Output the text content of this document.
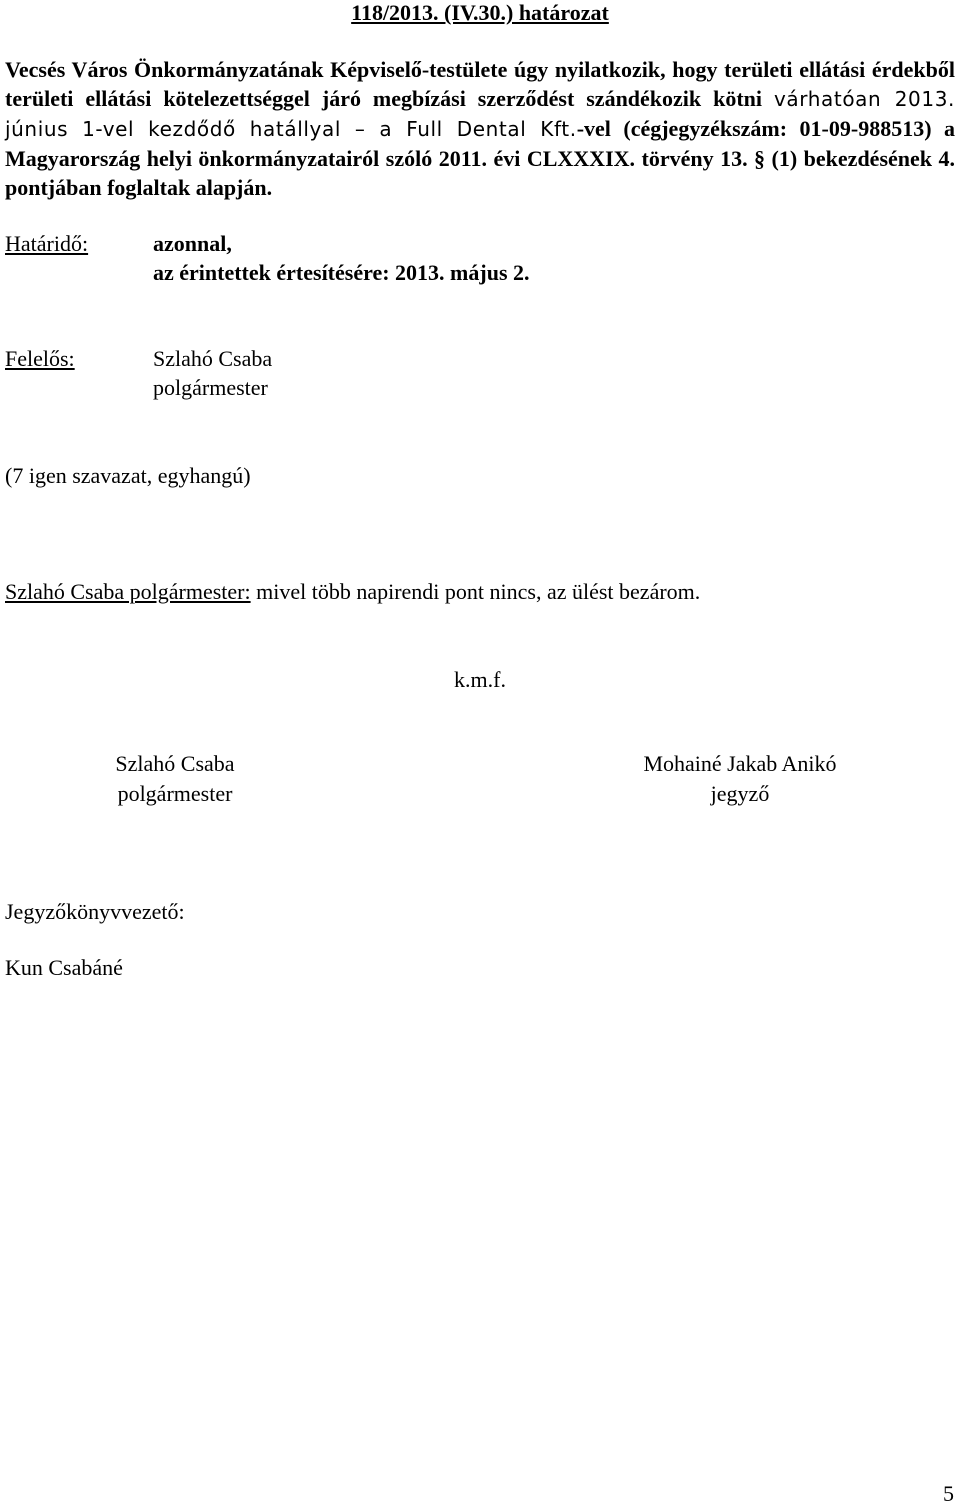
118/2013. (IV.30.) határozat
Vecsés Város Önkormányzatának Képviselő-testülete úgy nyilatkozik, hogy területi ellátási érdekből területi ellátási kötelezettséggel járó megbízási szerződést szándékozik kötni várhatóan 2013. június 1-vel kezdődő hatállyal – a Full Dental Kft.-vel (cégjegyzékszám: 01-09-988513) a Magyarország helyi önkormányzatairól szóló 2011. évi CLXXXIX. törvény 13. § (1) bekezdésének 4. pontjában foglaltak alapján.
Határidő:	azonnal,
az érintettek értesítésére: 2013. május 2.
Felelős:	Szlahó Csaba
polgármester
(7 igen szavazat, egyhangú)
Szlahó Csaba polgármester: mivel több napirendi pont nincs, az ülést bezárom.
k.m.f.
Szlahó Csaba
polgármester
Mohainé Jakab Anikó
jegyző
Jegyzőkönyvvezető:
Kun Csabáné
5
